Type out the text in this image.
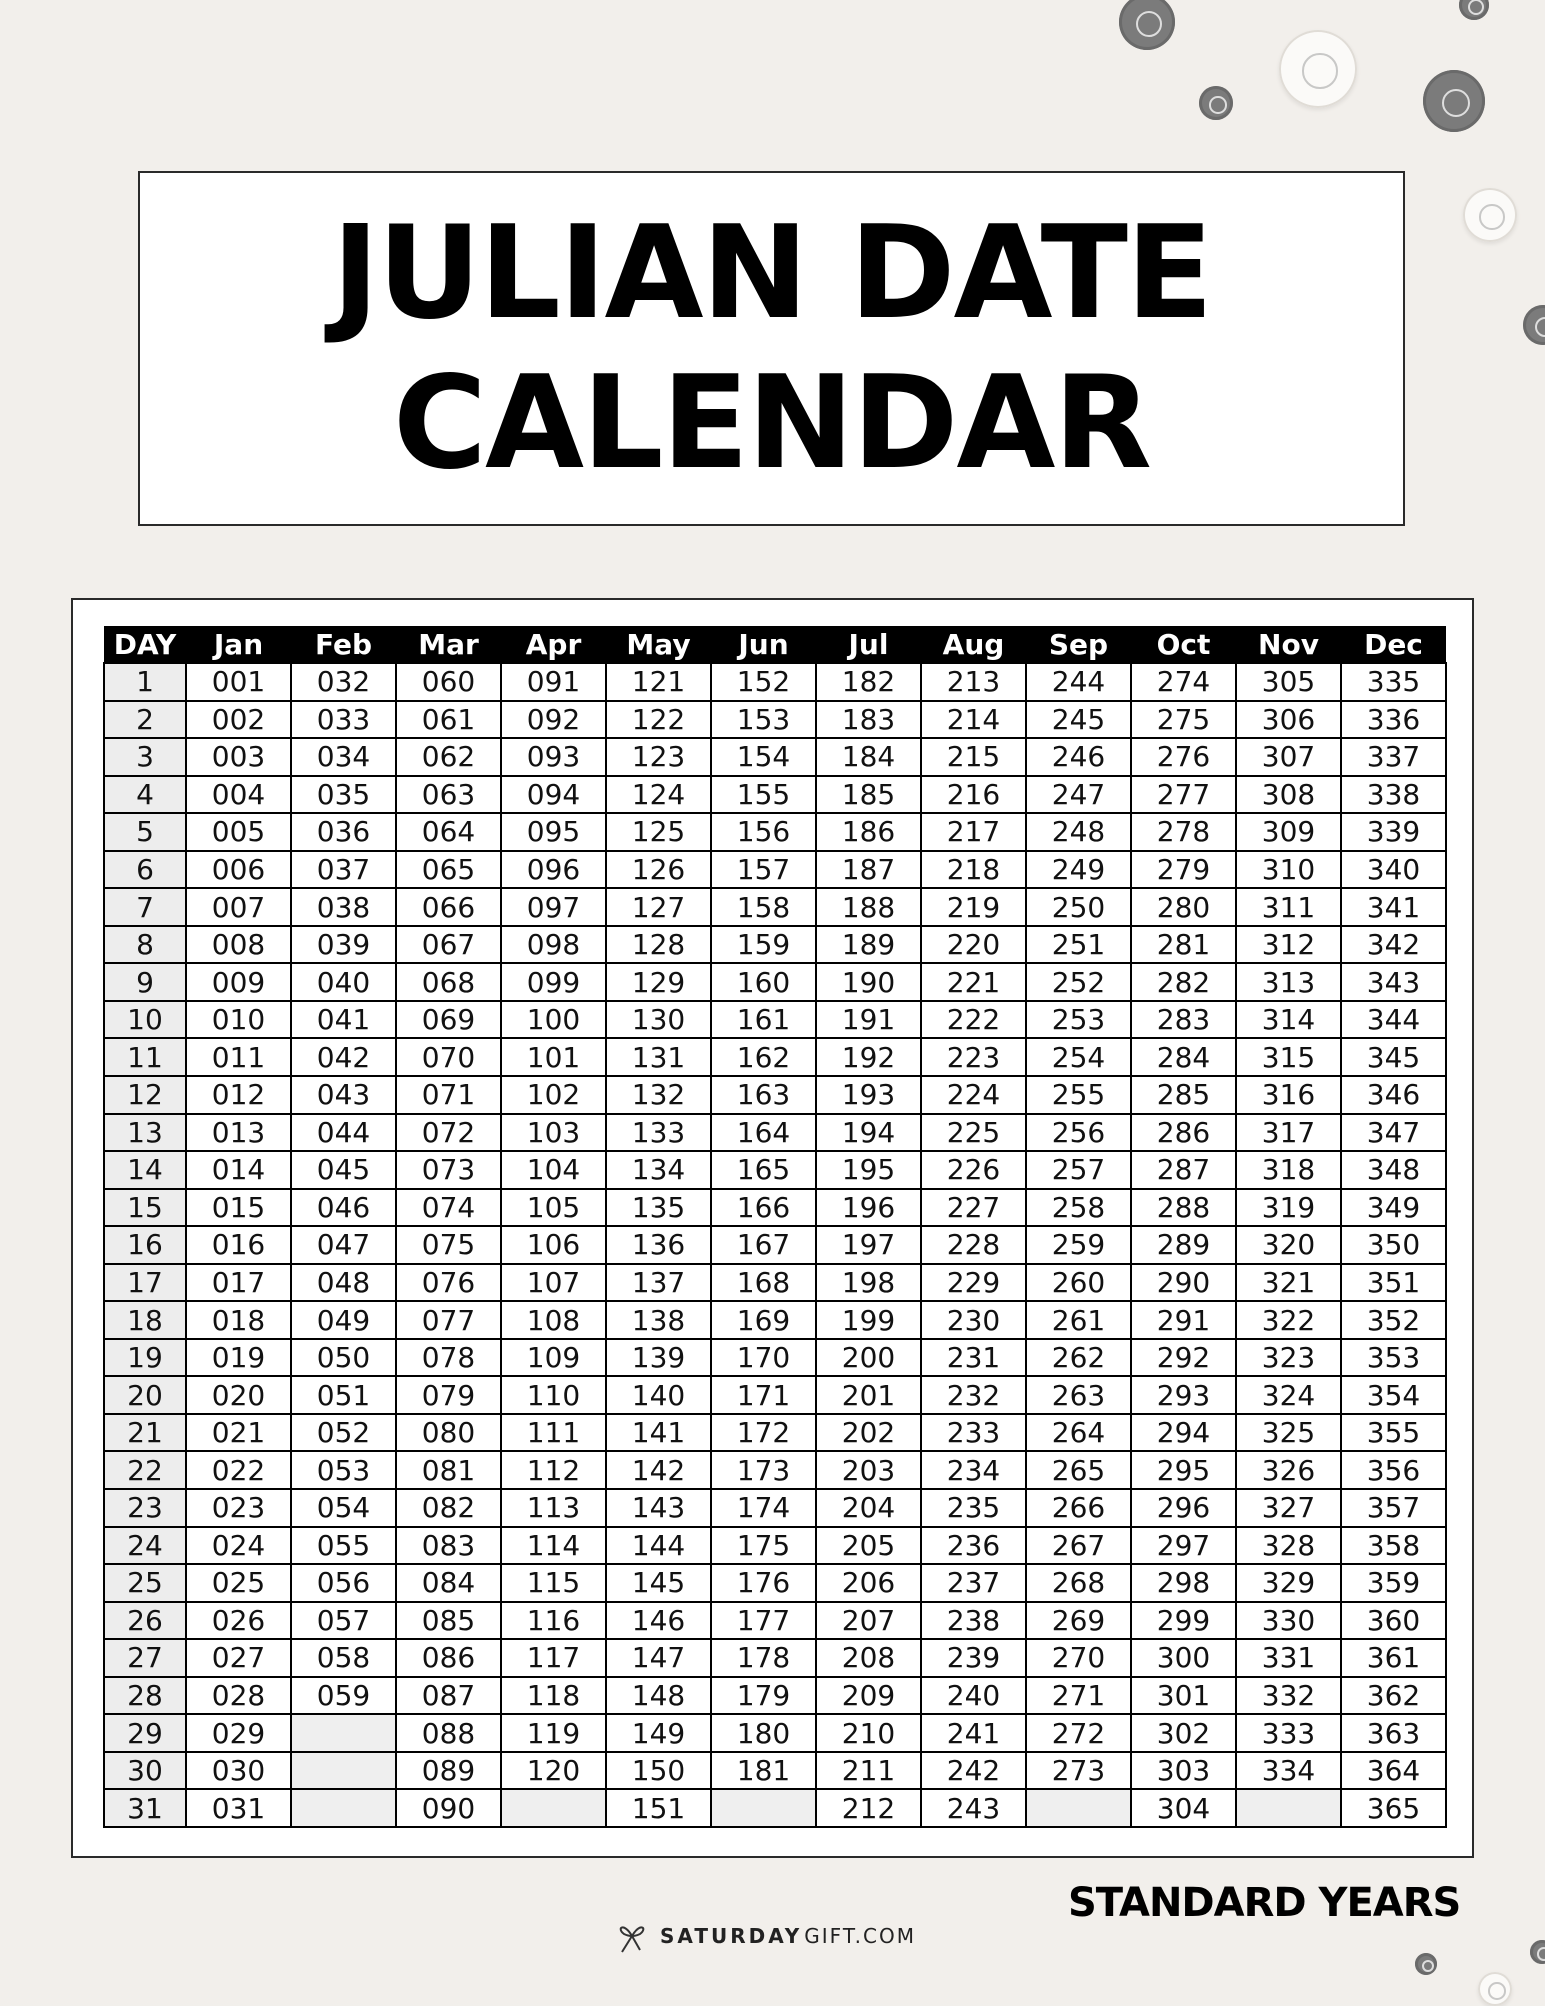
JULIAN DATE
CALENDAR
DAY	Jan	Feb	Mar	Apr	May	Jun	Jul	Aug	Sep	Oct	Nov	Dec
1	001	032	060	091	121	152	182	213	244	274	305	335
2	002	033	061	092	122	153	183	214	245	275	306	336
3	003	034	062	093	123	154	184	215	246	276	307	337
4	004	035	063	094	124	155	185	216	247	277	308	338
5	005	036	064	095	125	156	186	217	248	278	309	339
6	006	037	065	096	126	157	187	218	249	279	310	340
7	007	038	066	097	127	158	188	219	250	280	311	341
8	008	039	067	098	128	159	189	220	251	281	312	342
9	009	040	068	099	129	160	190	221	252	282	313	343
10	010	041	069	100	130	161	191	222	253	283	314	344
11	011	042	070	101	131	162	192	223	254	284	315	345
12	012	043	071	102	132	163	193	224	255	285	316	346
13	013	044	072	103	133	164	194	225	256	286	317	347
14	014	045	073	104	134	165	195	226	257	287	318	348
15	015	046	074	105	135	166	196	227	258	288	319	349
16	016	047	075	106	136	167	197	228	259	289	320	350
17	017	048	076	107	137	168	198	229	260	290	321	351
18	018	049	077	108	138	169	199	230	261	291	322	352
19	019	050	078	109	139	170	200	231	262	292	323	353
20	020	051	079	110	140	171	201	232	263	293	324	354
21	021	052	080	111	141	172	202	233	264	294	325	355
22	022	053	081	112	142	173	203	234	265	295	326	356
23	023	054	082	113	143	174	204	235	266	296	327	357
24	024	055	083	114	144	175	205	236	267	297	328	358
25	025	056	084	115	145	176	206	237	268	298	329	359
26	026	057	085	116	146	177	207	238	269	299	330	360
27	027	058	086	117	147	178	208	239	270	300	331	361
28	028	059	087	118	148	179	209	240	271	301	332	362
29	029		088	119	149	180	210	241	272	302	333	363
30	030		089	120	150	181	211	242	273	303	334	364
31	031		090		151		212	243		304		365
STANDARD YEARS
SATURDAY GIFT.COM
